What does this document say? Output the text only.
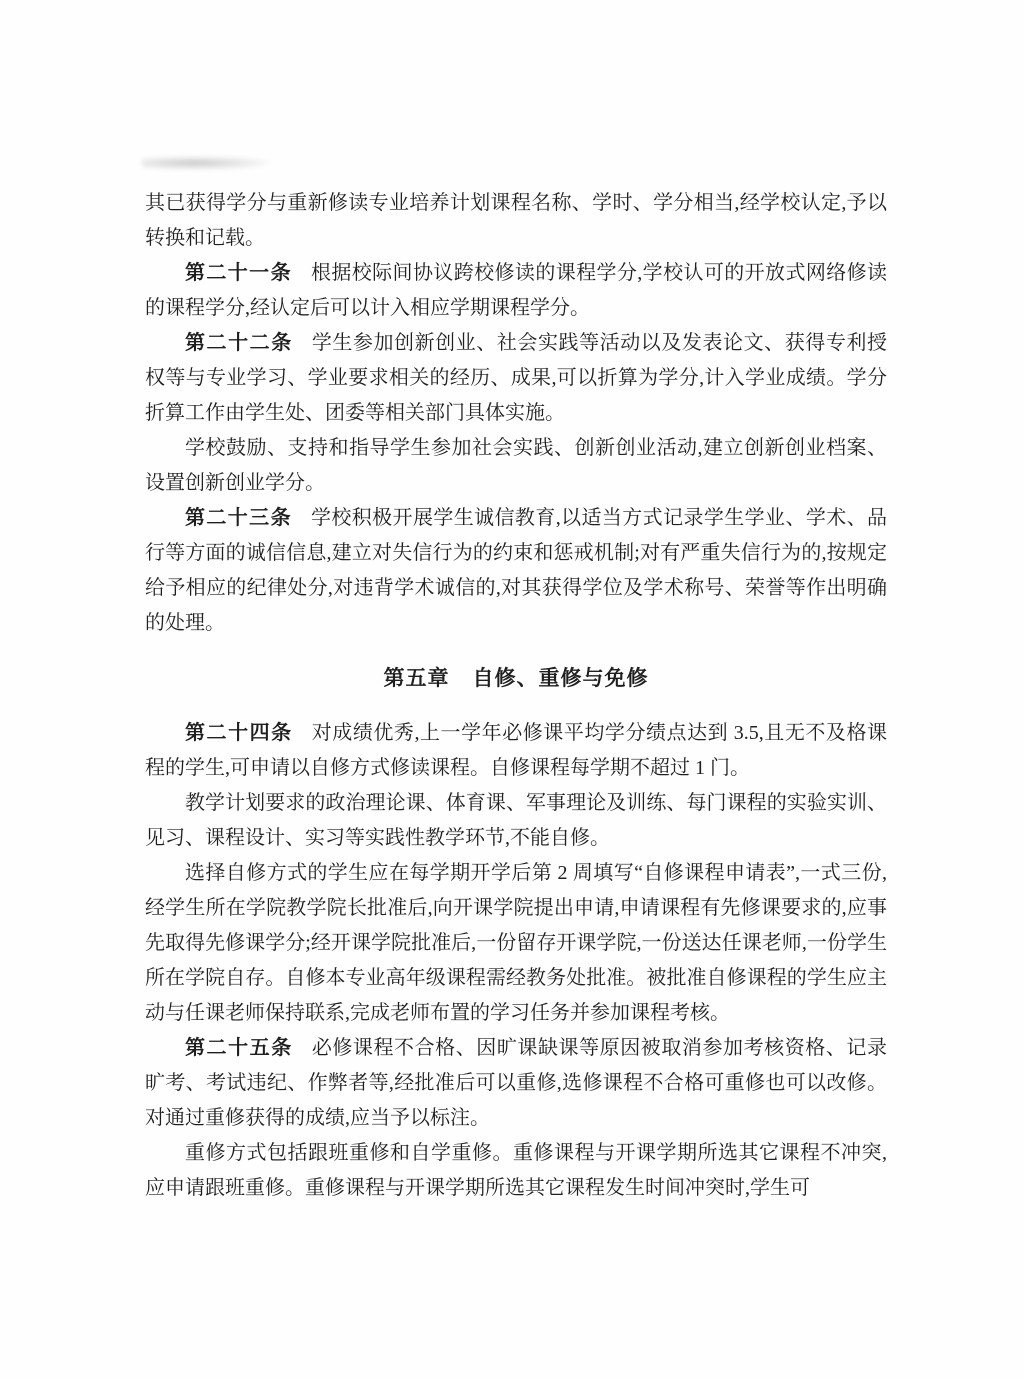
其已获得学分与重新修读专业培养计划课程名称、学时、学分相当,经学校认定,予以转换和记载。

第二十一条 根据校际间协议跨校修读的课程学分,学校认可的开放式网络修读的课程学分,经认定后可以计入相应学期课程学分。

第二十二条 学生参加创新创业、社会实践等活动以及发表论文、获得专利授权等与专业学习、学业要求相关的经历、成果,可以折算为学分,计入学业成绩。学分折算工作由学生处、团委等相关部门具体实施。

学校鼓励、支持和指导学生参加社会实践、创新创业活动,建立创新创业档案、设置创新创业学分。

第二十三条 学校积极开展学生诚信教育,以适当方式记录学生学业、学术、品行等方面的诚信信息,建立对失信行为的约束和惩戒机制;对有严重失信行为的,按规定给予相应的纪律处分,对违背学术诚信的,对其获得学位及学术称号、荣誉等作出明确的处理。

第五章 自修、重修与免修

第二十四条 对成绩优秀,上一学年必修课平均学分绩点达到 3.5,且无不及格课程的学生,可申请以自修方式修读课程。自修课程每学期不超过 1 门。

教学计划要求的政治理论课、体育课、军事理论及训练、每门课程的实验实训、见习、课程设计、实习等实践性教学环节,不能自修。

选择自修方式的学生应在每学期开学后第 2 周填写“自修课程申请表”,一式三份,经学生所在学院教学院长批准后,向开课学院提出申请,申请课程有先修课要求的,应事先取得先修课学分;经开课学院批准后,一份留存开课学院,一份送达任课老师,一份学生所在学院自存。自修本专业高年级课程需经教务处批准。被批准自修课程的学生应主动与任课老师保持联系,完成老师布置的学习任务并参加课程考核。

第二十五条 必修课程不合格、因旷课缺课等原因被取消参加考核资格、记录旷考、考试违纪、作弊者等,经批准后可以重修,选修课程不合格可重修也可以改修。对通过重修获得的成绩,应当予以标注。

重修方式包括跟班重修和自学重修。重修课程与开课学期所选其它课程不冲突,应申请跟班重修。重修课程与开课学期所选其它课程发生时间冲突时,学生可
